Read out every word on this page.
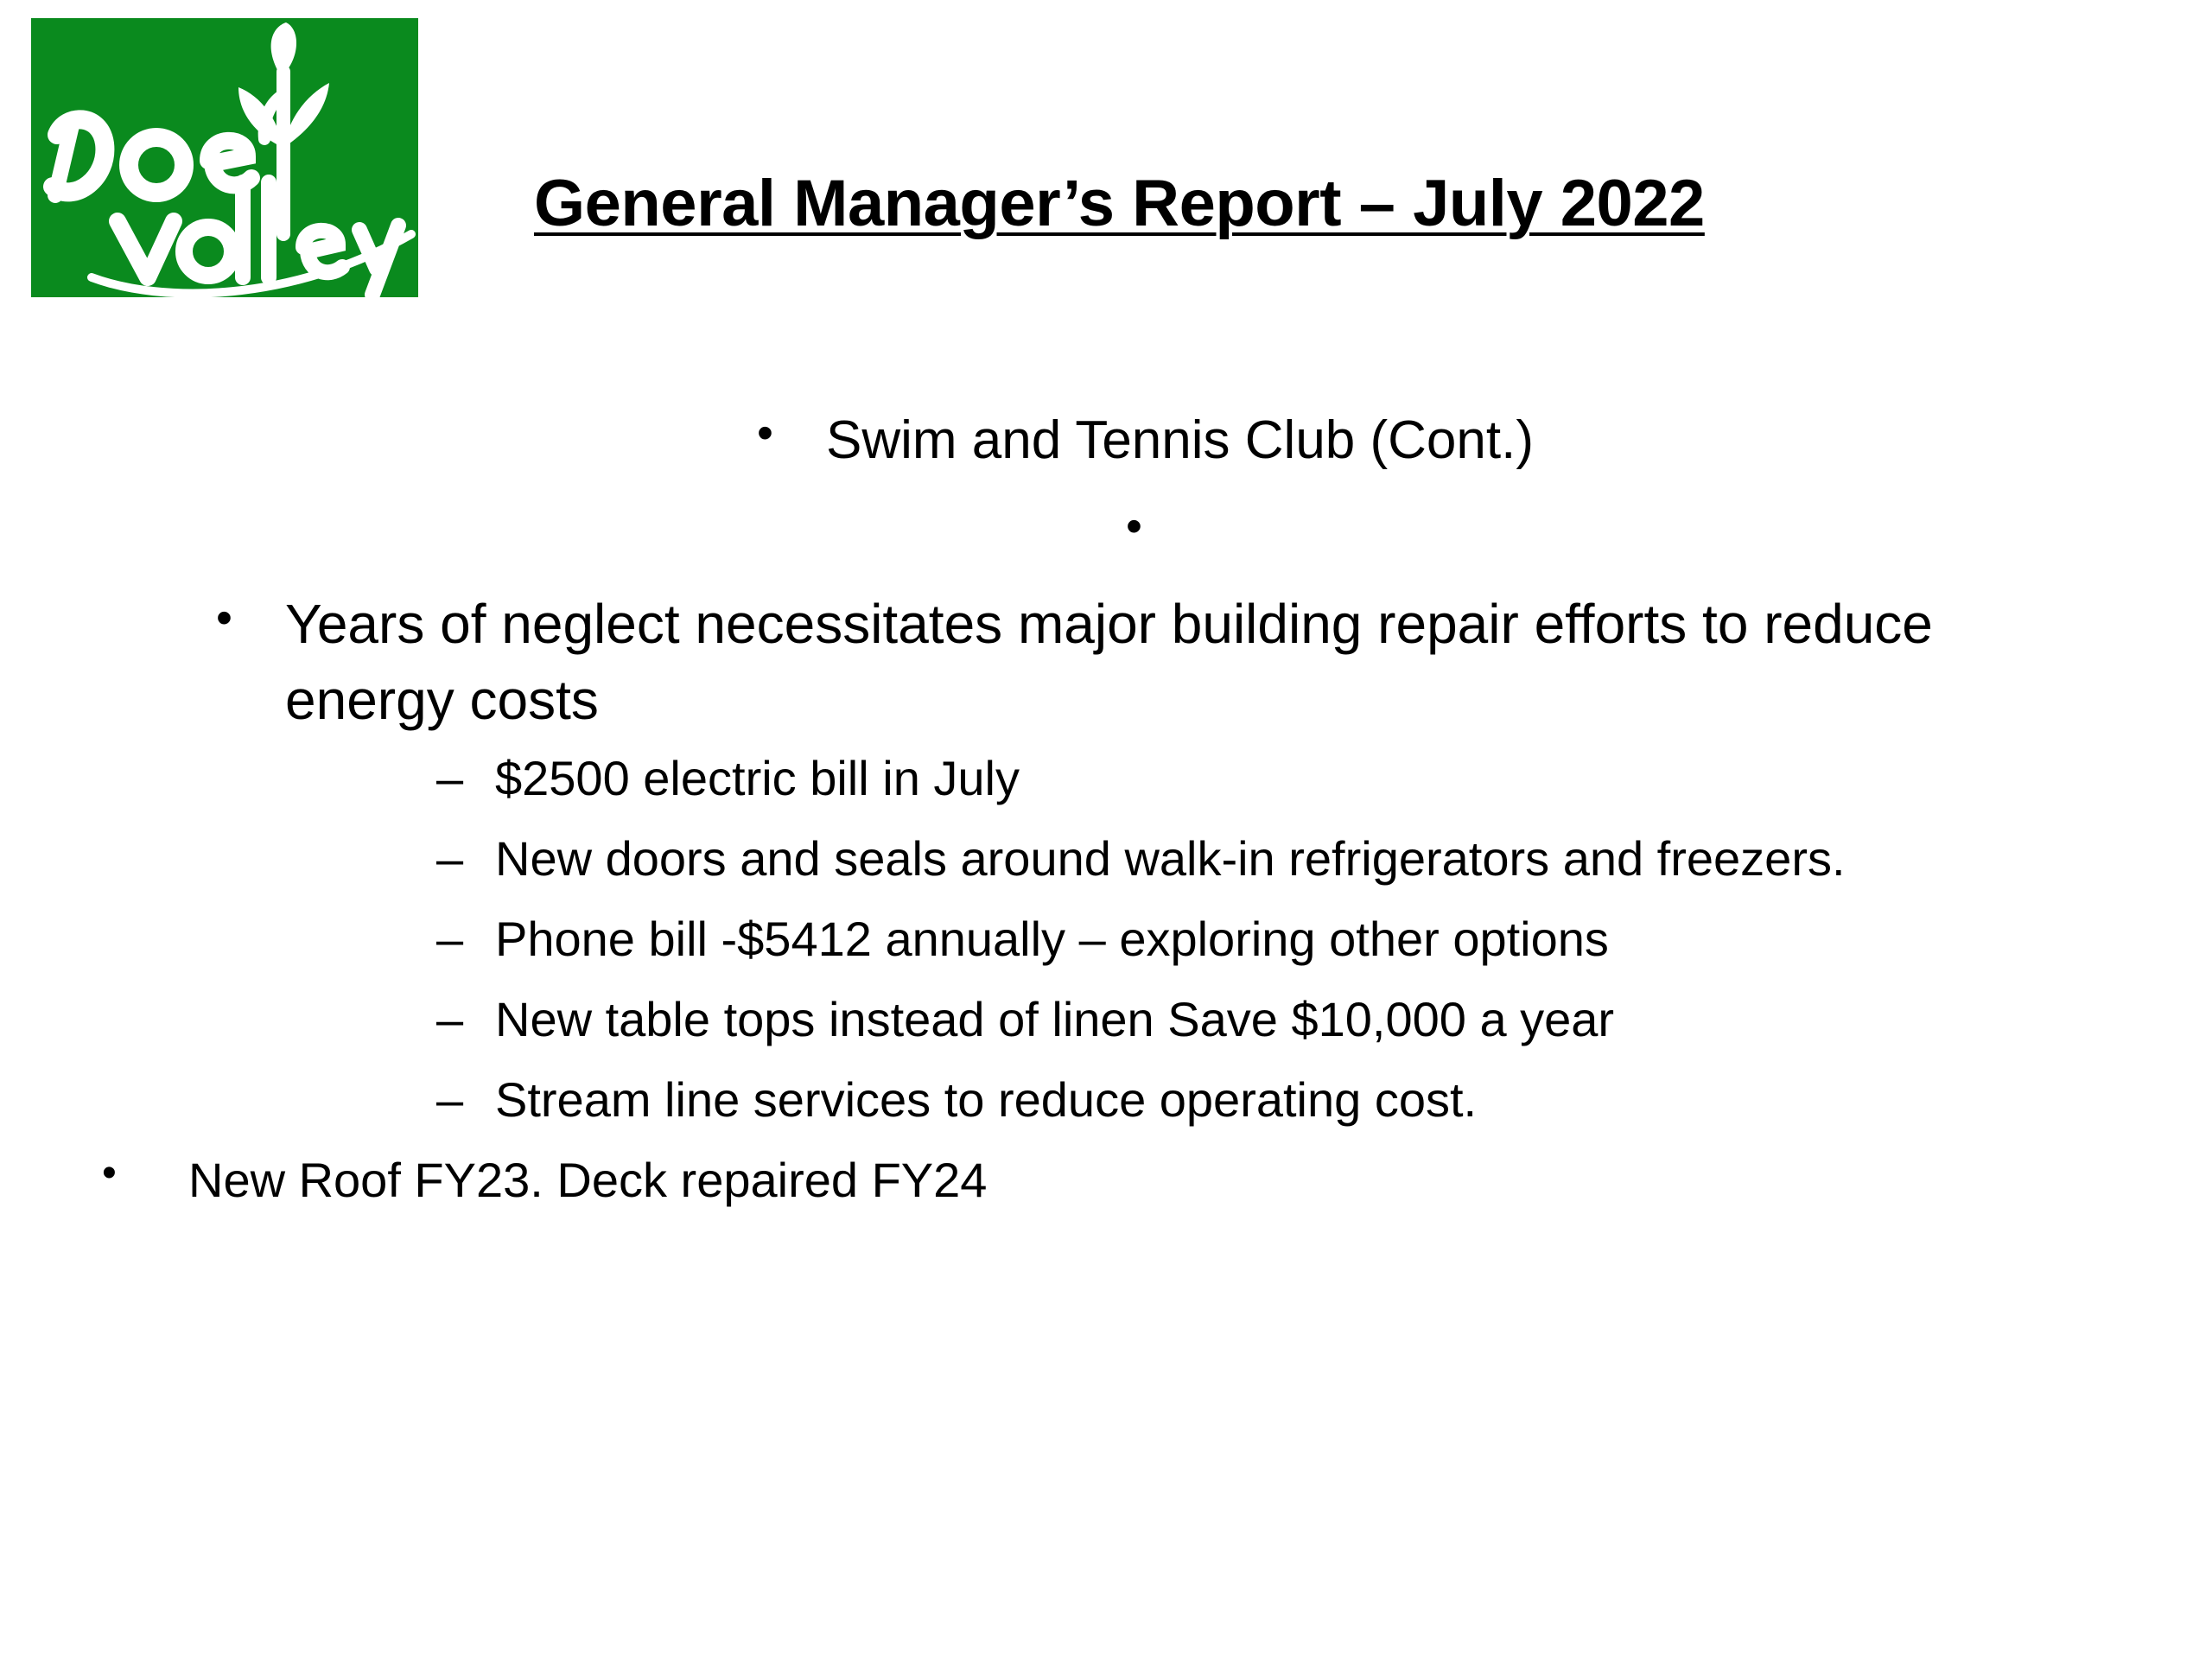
General Manager’s Report – July 2022
• Swim and Tennis Club (Cont.)
•
• Years of neglect necessitates major building repair efforts to reduce energy costs
– $2500 electric bill in July
– New doors and seals around walk-in refrigerators and freezers.
– Phone bill -$5412 annually – exploring other options
– New table tops instead of linen Save $10,000 a year
– Stream line services to reduce operating cost.
• New Roof FY23. Deck repaired FY24
